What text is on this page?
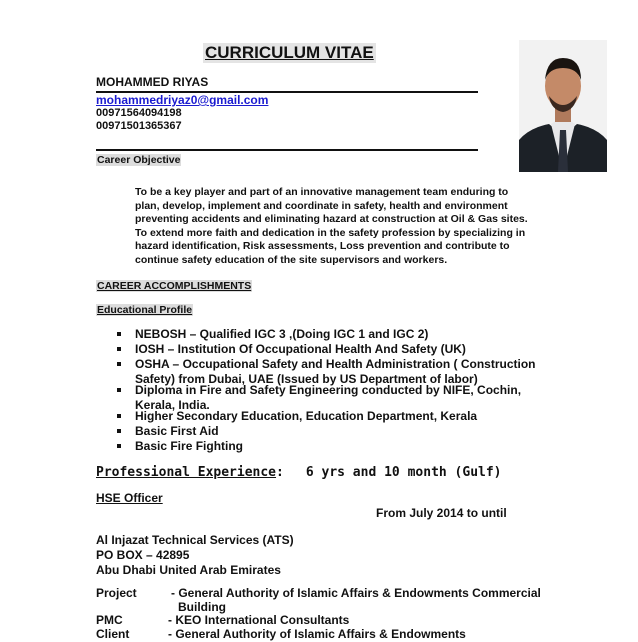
CURRICULUM VITAE
MOHAMMED RIYAS
mohammedriyaz0@gmail.com
00971564094198
00971501365367
Career Objective
To be a key player and part of an innovative management team enduring to
plan, develop, implement and coordinate in safety, health and environment
preventing accidents and eliminating hazard at construction at Oil & Gas sites.
To extend more faith and dedication in the safety profession by specializing in
hazard identification, Risk assessments, Loss prevention and contribute to
continue safety education of the site supervisors and workers.
CAREER ACCOMPLISHMENTS
Educational Profile
NEBOSH – Qualified IGC 3 ,(Doing IGC 1 and IGC 2)
IOSH – Institution Of Occupational Health And Safety (UK)
OSHA – Occupational Safety and Health Administration ( Construction
Safety) from Dubai, UAE (Issued by US Department of labor)
Diploma in Fire and Safety Engineering conducted by NIFE, Cochin,
Kerala, India.
Higher Secondary Education, Education Department, Kerala
Basic First Aid
Basic Fire Fighting
Professional Experience: 6 yrs and 10 month (Gulf)
HSE Officer
From July 2014 to until
Al Injazat Technical Services (ATS)
PO BOX – 42895
Abu Dhabi United Arab Emirates
Project	- General Authority of Islamic Affairs & Endowments Commercial
Building
PMC	- KEO International Consultants
Client	- General Authority of Islamic Affairs & Endowments
